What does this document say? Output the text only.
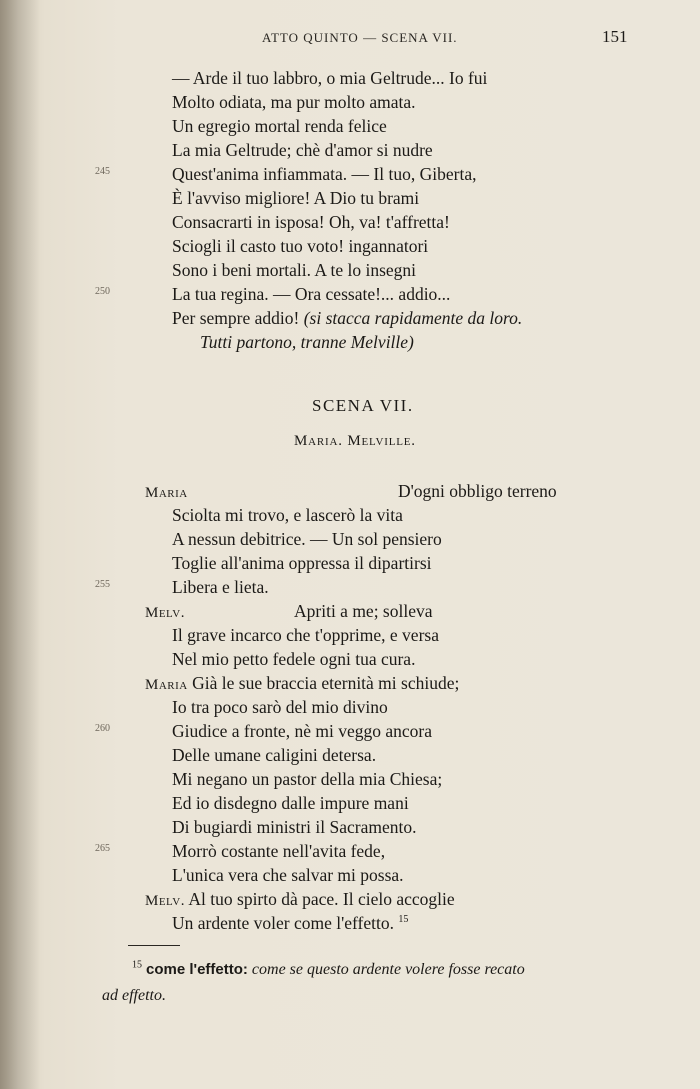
ATTO QUINTO — SCENA VII.	151
— Arde il tuo labbro, o mia Geltrude... Io fui
Molto odiata, ma pur molto amata.
Un egregio mortal renda felice
La mia Geltrude; chè d'amor si nudre
245	Quest'anima infiammata. — Il tuo, Giberta,
È l'avviso migliore! A Dio tu brami
Consacrarti in isposa! Oh, va! t'affretta!
Sciogli il casto tuo voto! ingannatori
Sono i beni mortali. A te lo insegni
250	La tua regina. — Ora cessate!... addio...
Per sempre addio! (si stacca rapidamente da loro.
Tutti partono, tranne Melville)
SCENA VII.
Maria. Melville.
Maria	D'ogni obbligo terreno
Sciolta mi trovo, e lascerò la vita
A nessun debitrice. — Un sol pensiero
Toglie all'anima oppressa il dipartirsi
255	Libera e lieta.
Melv.	Apriti a me; solleva
Il grave incarco che t'opprime, e versa
Nel mio petto fedele ogni tua cura.
Maria Già le sue braccia eternità mi schiude;
Io tra poco sarò del mio divino
260	Giudice a fronte, nè mi veggo ancora
Delle umane caligini detersa.
Mi negano un pastor della mia Chiesa;
Ed io disdegno dalle impure mani
Di bugiardi ministri il Sacramento.
265	Morrò costante nell'avita fede,
L'unica vera che salvar mi possa.
Melv. Al tuo spirto dà pace. Il cielo accoglie
Un ardente voler come l'effetto. $^{15}$
$^{15}$ come l'effetto: come se questo ardente volere fosse recato
ad effetto.
